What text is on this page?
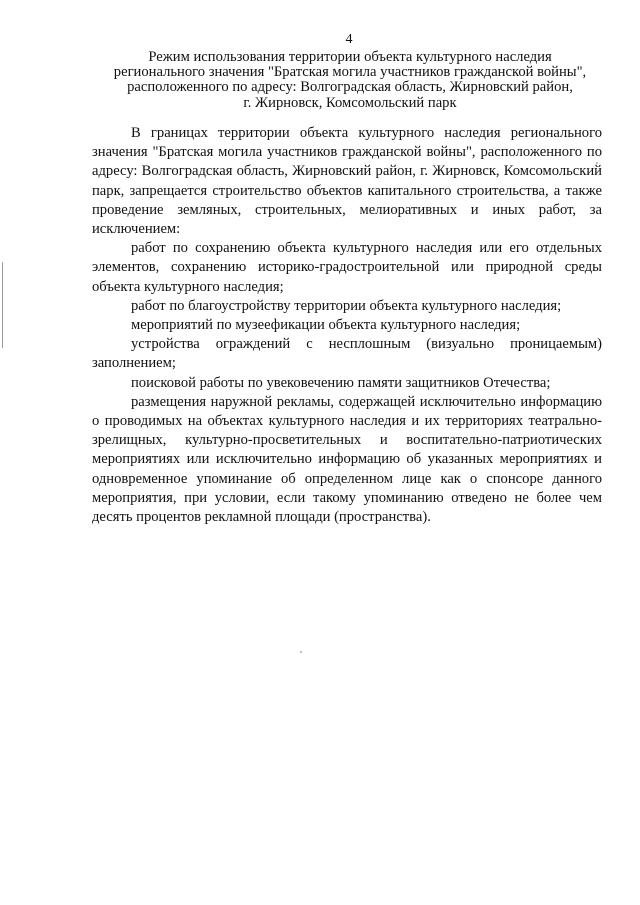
4
Режим использования территории объекта культурного наследия
регионального значения "Братская могила участников гражданской войны",
расположенного по адресу: Волгоградская область, Жирновский район,
г. Жирновск, Комсомольский парк

В границах территории объекта культурного наследия регионального значения "Братская могила участников гражданской войны", расположенного по адресу: Волгоградская область, Жирновский район, г. Жирновск, Комсомольский парк, запрещается строительство объектов капитального строительства, а также проведение земляных, строительных, мелиоративных и иных работ, за исключением:

работ по сохранению объекта культурного наследия или его отдельных элементов, сохранению историко-градостроительной или природной среды объекта культурного наследия;

работ по благоустройству территории объекта культурного наследия;

мероприятий по музеефикации объекта культурного наследия;

устройства ограждений с несплошным (визуально проницаемым) заполнением;

поисковой работы по увековечению памяти защитников Отечества;

размещения наружной рекламы, содержащей исключительно информацию о проводимых на объектах культурного наследия и их территориях театрально-зрелищных, культурно-просветительных и воспитательно-патриотических мероприятиях или исключительно информацию об указанных мероприятиях и одновременное упоминание об определенном лице как о спонсоре данного мероприятия, при условии, если такому упоминанию отведено не более чем десять процентов рекламной площади (пространства).
